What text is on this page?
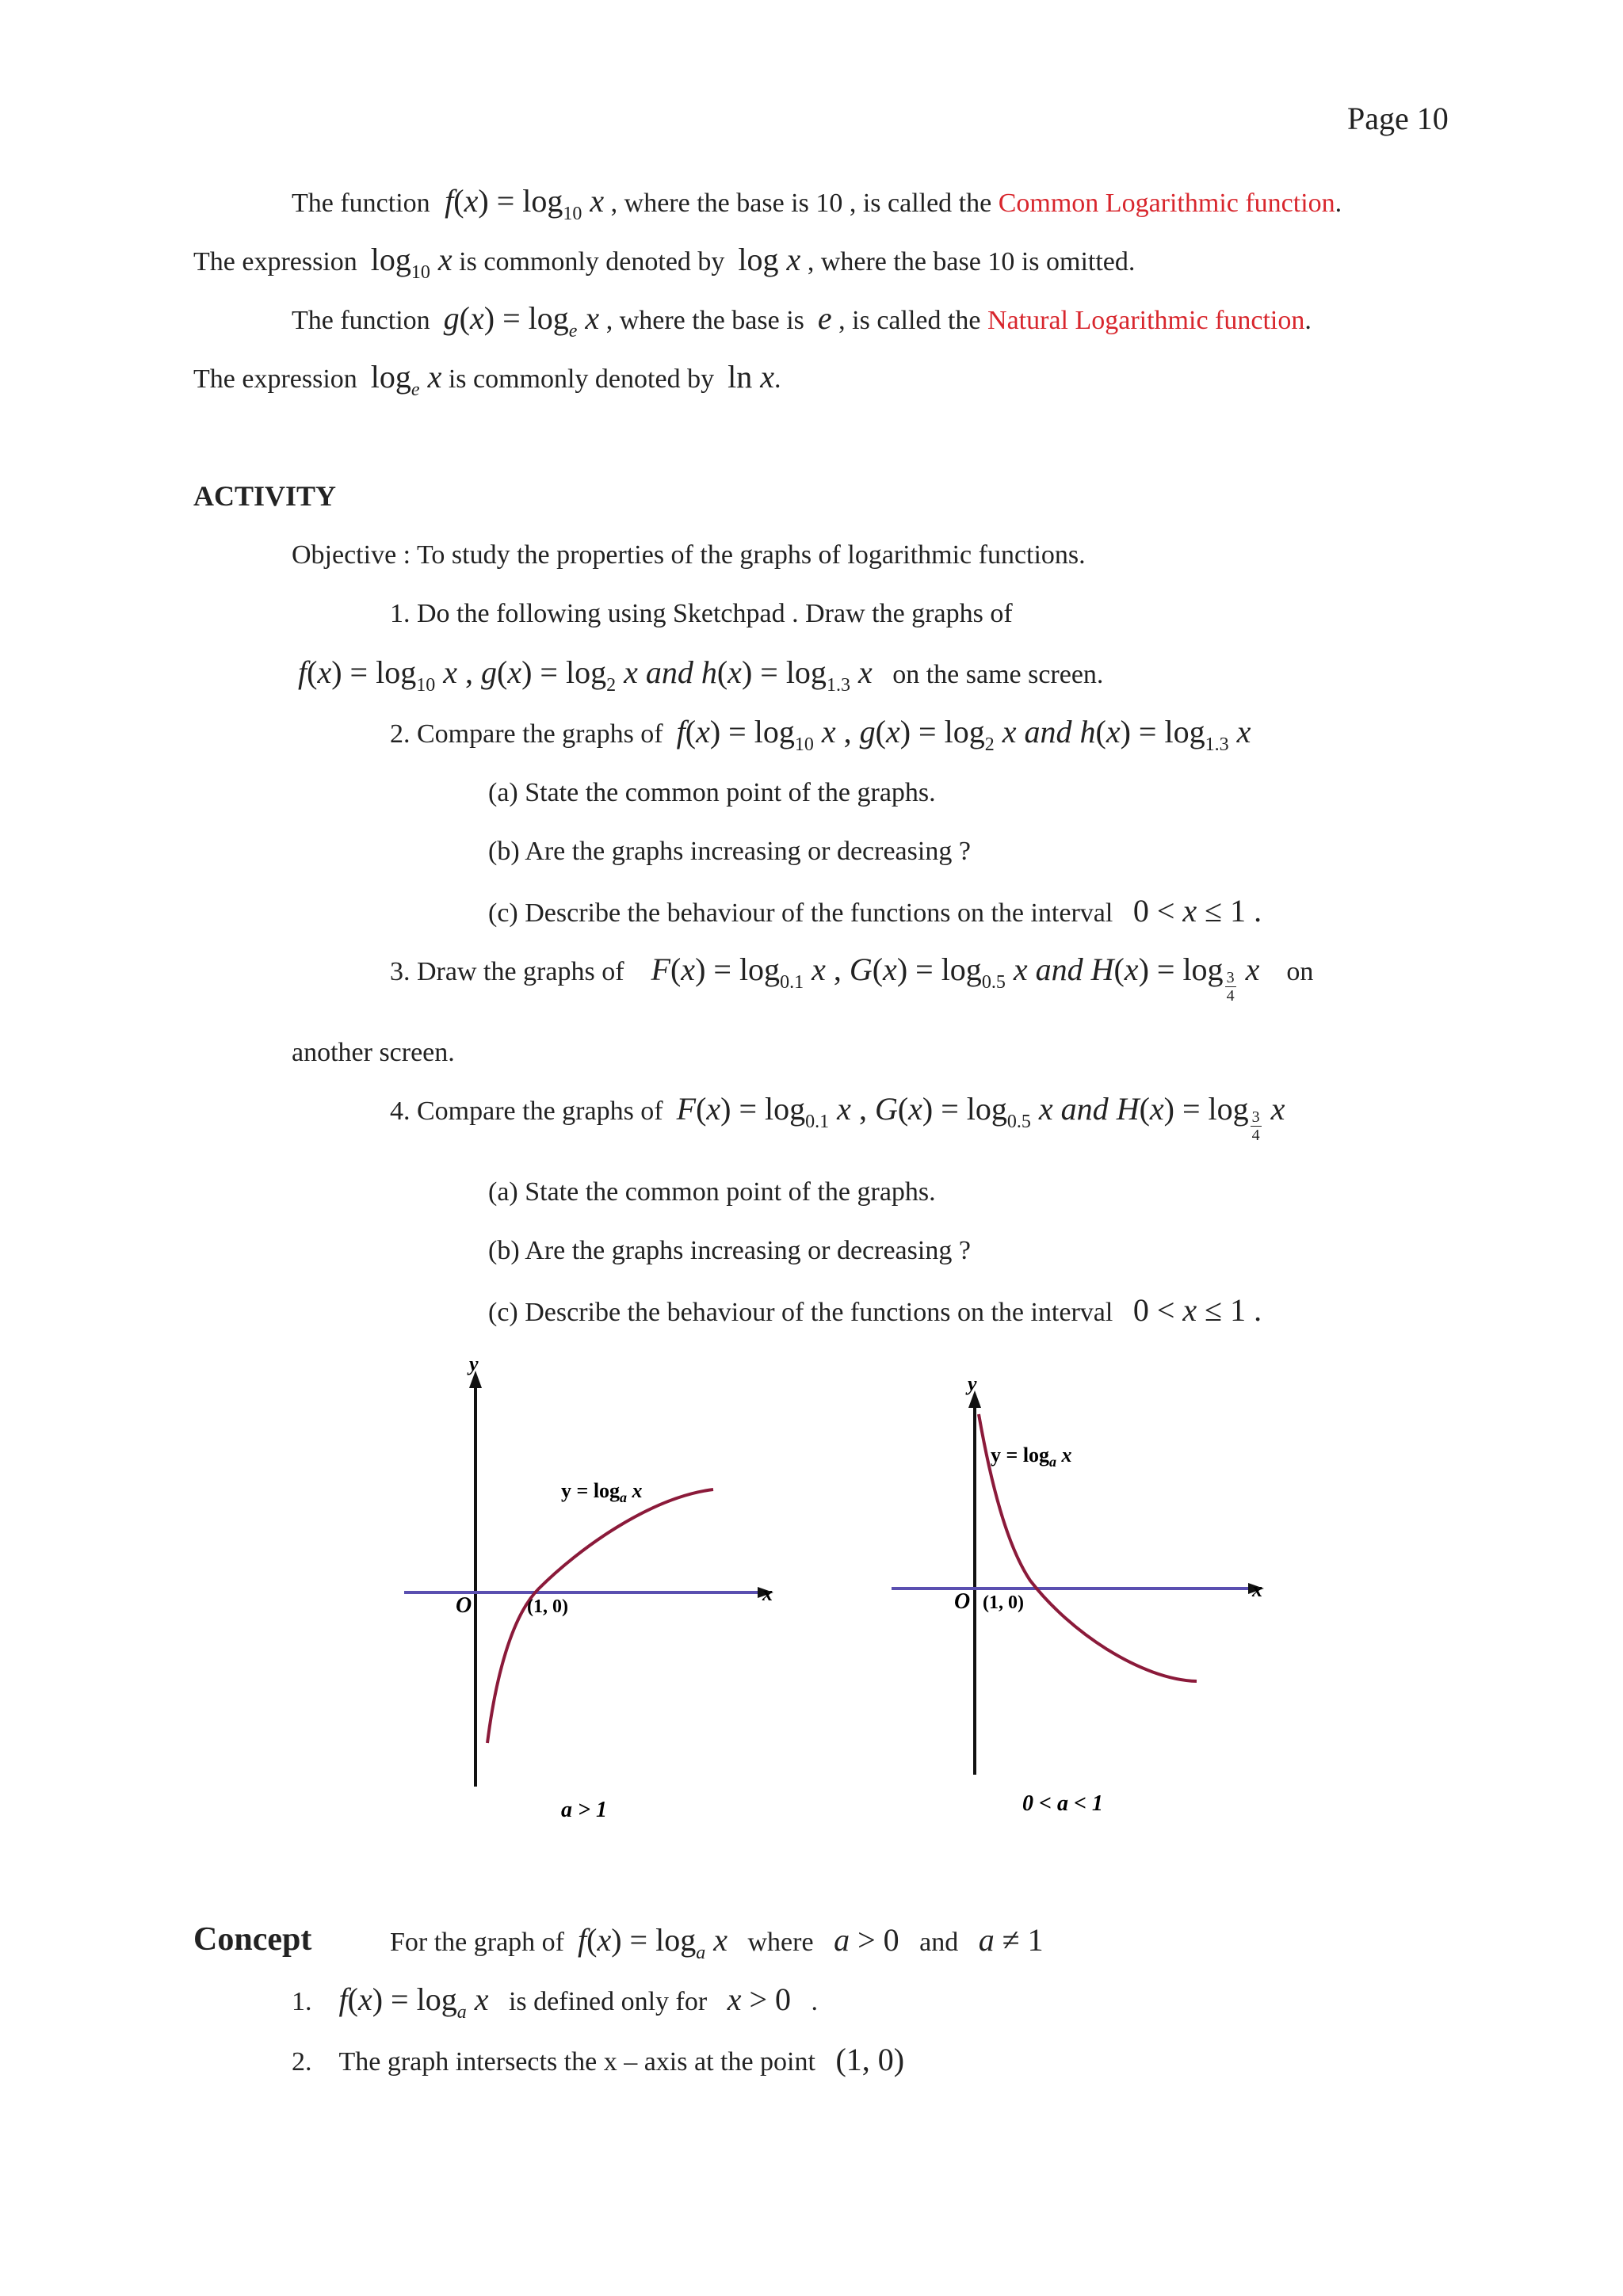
Page 10
The function  $f(x) = \log_{10} x$ , where the base is 10 , is called the Common Logarithmic function.
The expression $\log_{10} x$ is commonly denoted by log x , where the base 10 is omitted.
The function $g(x) = \log_e x$ , where the base is e , is called the Natural Logarithmic function.
The expression $\log_e x$ is commonly denoted by ln x.
ACTIVITY
Objective : To study the properties of the graphs of logarithmic functions.
1. Do the following using Sketchpad . Draw the graphs of
$f(x) = \log_{10} x$ , $g(x) = \log_2 x$ and $h(x) = \log_{1.3} x$ on the same screen.
2. Compare the graphs of $f(x) = \log_{10} x$ , $g(x) = \log_2 x$ and $h(x) = \log_{1.3} x$
(a) State the common point of the graphs.
(b) Are the graphs increasing or decreasing ?
(c) Describe the behaviour of the functions on the interval 0 < x ≤ 1 .
3. Draw the graphs of $F(x) = \log_{0.1} x$ , $G(x) = \log_{0.5} x$ and $H(x) = \log \frac{3}{4}$ x on
another screen.
4. Compare the graphs of $F(x) = \log_{0.1} x$ , $G(x) = \log_{0.5} x$ and $H(x) = \log \frac{3}{4}$ x
(a) State the common point of the graphs.
(b) Are the graphs increasing or decreasing ?
(c) Describe the behaviour of the functions on the interval 0 < x ≤ 1 .
y
x
O	(1, 0)
$y = \log_a x$
a > 1
y
x
O (1, 0)
$y = \log_a x$
0 < a < 1
Concept	For the graph of $f(x) = \log_a x$ where a > 0 and a ≠ 1
1. $f(x) = \log_a x$ is defined only for x > 0 .
2. The graph intersects the x – axis at the point (1, 0)
